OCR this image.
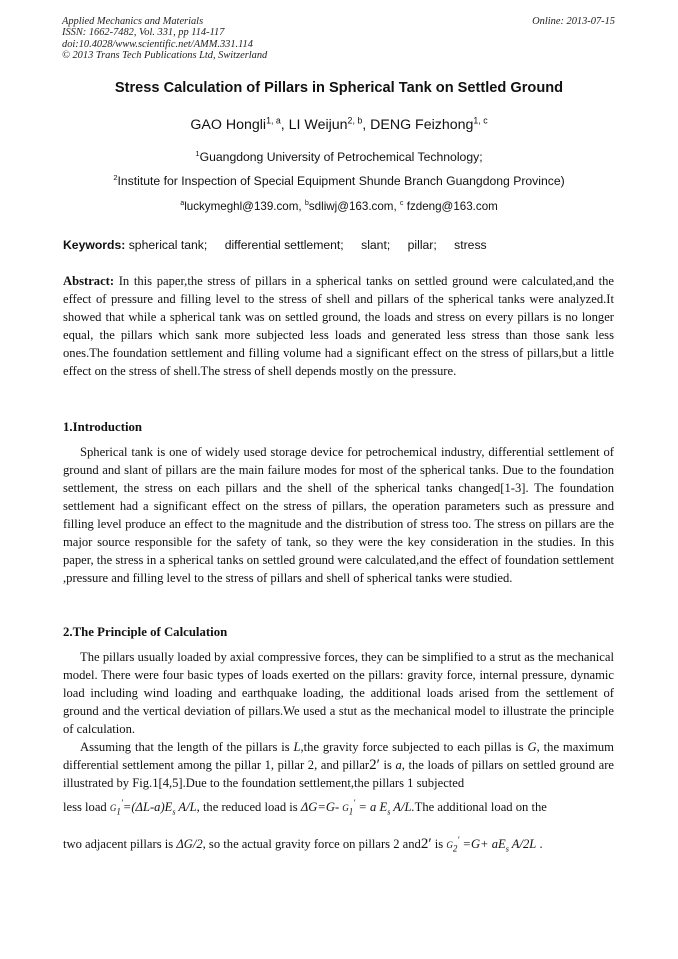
Applied Mechanics and Materials
ISSN: 1662-7482, Vol. 331, pp 114-117
doi:10.4028/www.scientific.net/AMM.331.114
© 2013 Trans Tech Publications Ltd, Switzerland
Online: 2013-07-15
Stress Calculation of Pillars in Spherical Tank on Settled Ground
GAO Hongli$^{1, a}$, LI Weijun$^{2, b}$, DENG Feizhong$^{1, c}$
$^1$Guangdong University of Petrochemical Technology;
$^2$Institute for Inspection of Special Equipment Shunde Branch Guangdong Province)
$^a$luckymeghl@139.com, $^b$sdliwj@163.com, $^c$ fzdeng@163.com
Keywords: spherical tank; differential settlement; slant; pillar; stress
Abstract: In this paper,the stress of pillars in a spherical tanks on settled ground were calculated,and the effect of pressure and filling level to the stress of shell and pillars of the spherical tanks were analyzed.It showed that while a spherical tank was on settled ground, the loads and stress on every pillars is no longer equal, the pillars which sank more subjected less loads and generated less stress than those sank less ones.The foundation settlement and filling volume had a significant effect on the stress of pillars,but a little effect on the stress of shell.The stress of shell depends mostly on the pressure.
1.Introduction
Spherical tank is one of widely used storage device for petrochemical industry, differential settlement of ground and slant of pillars are the main failure modes for most of the spherical tanks. Due to the foundation settlement, the stress on each pillars and the shell of the spherical tanks changed[1-3]. The foundation settlement had a significant effect on the stress of pillars, the operation parameters such as pressure and filling level produce an effect to the magnitude and the distribution of stress too. The stress on pillars are the major source responsible for the safety of tank, so they were the key consideration in the studies. In this paper, the stress in a spherical tanks on settled ground were calculated,and the effect of foundation settlement ,pressure and filling level to the stress of pillars and shell of spherical tanks were studied.
2.The Principle of Calculation
The pillars usually loaded by axial compressive forces, they can be simplified to a strut as the mechanical model. There were four basic types of loads exerted on the pillars: gravity force, internal pressure, dynamic load including wind loading and earthquake loading, the additional loads arised from the settlement of ground and the vertical deviation of pillars.We used a stut as the mechanical model to illustrate the principle of calculation.
Assuming that the length of the pillars is L,the gravity force subjected to each pillas is G, the maximum differential settlement among the pillar 1, pillar 2, and pillar2′ is a, the loads of pillars on settled ground are illustrated by Fig.1[4,5].Due to the foundation settlement,the pillars 1 subjected
less load $G_1'=(\Delta L-a)E_s$ A/L, the reduced load is ΔG=G- $G_1' = a$ $E_s$ A/L.The additional load on the
two adjacent pillars is ΔG/2, so the actual gravity force on pillars 2 and2′ is $G_2' =G+ aE_s$ A/2L .
